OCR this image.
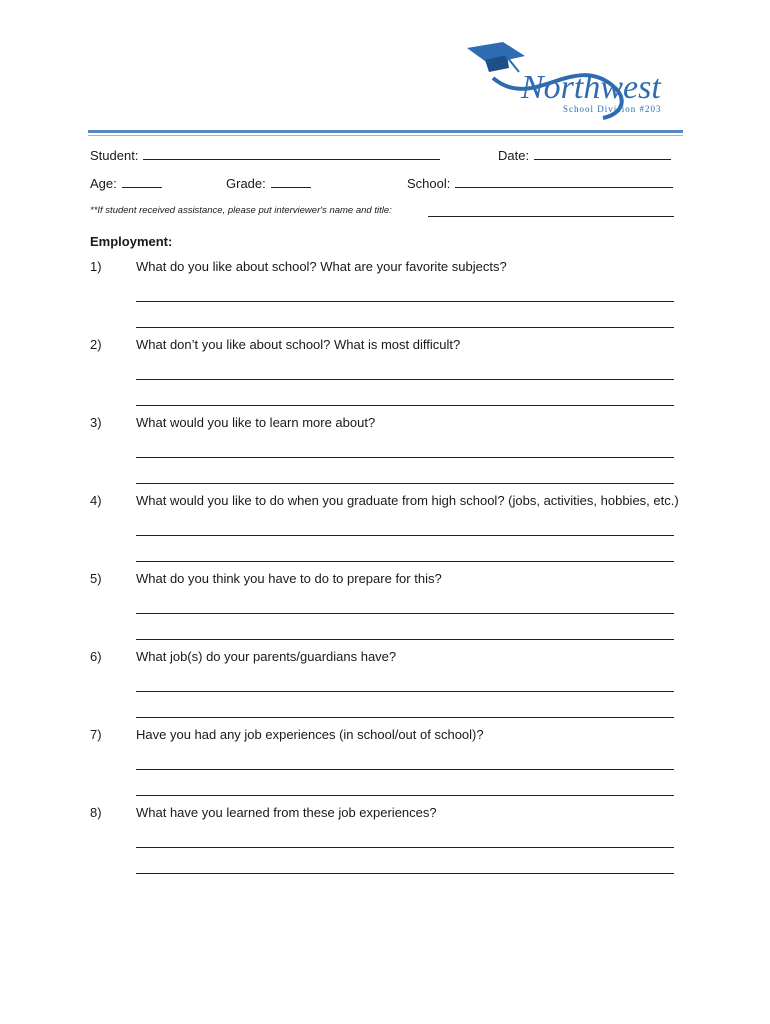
Northwest
School Division #203
Student:	Date:
Age:	Grade:	School:
**If student received assistance, please put interviewer's name and title:
Employment:
1)	What do you like about school? What are your favorite subjects?
2)	What don’t you like about school? What is most difficult?
3)	What would you like to learn more about?
4)	What would you like to do when you graduate from high school? (jobs, activities, hobbies, etc.)
5)	What do you think you have to do to prepare for this?
6)	What job(s) do your parents/guardians have?
7)	Have you had any job experiences (in school/out of school)?
8)	What have you learned from these job experiences?
